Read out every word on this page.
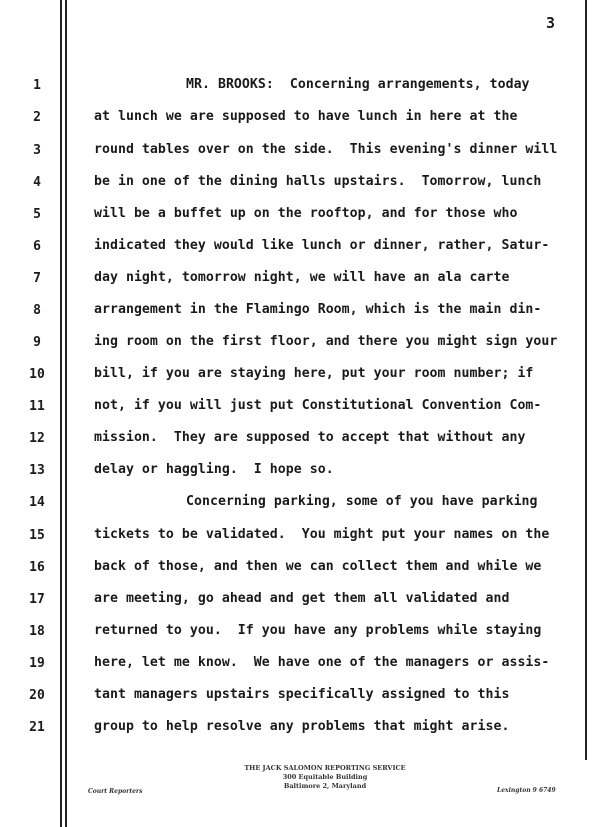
3
1
2
3
4
5
6
7
8
9
10
11
12
13
14
15
16
17
18
19
20
21
MR. BROOKS:  Concerning arrangements, today
at lunch we are supposed to have lunch in here at the
round tables over on the side.  This evening's dinner will
be in one of the dining halls upstairs.  Tomorrow, lunch
will be a buffet up on the rooftop, and for those who
indicated they would like lunch or dinner, rather, Satur-
day night, tomorrow night, we will have an ala carte
arrangement in the Flamingo Room, which is the main din-
ing room on the first floor, and there you might sign your
bill, if you are staying here, put your room number; if
not, if you will just put Constitutional Convention Com-
mission.  They are supposed to accept that without any
delay or haggling.  I hope so.
Concerning parking, some of you have parking
tickets to be validated.  You might put your names on the
back of those, and then we can collect them and while we
are meeting, go ahead and get them all validated and
returned to you.  If you have any problems while staying
here, let me know.  We have one of the managers or assis-
tant managers upstairs specifically assigned to this
group to help resolve any problems that might arise.
THE JACK SALOMON REPORTING SERVICE
300 Equitable Building
Baltimore 2, Maryland
Court Reporters	Lexington 9 6749
